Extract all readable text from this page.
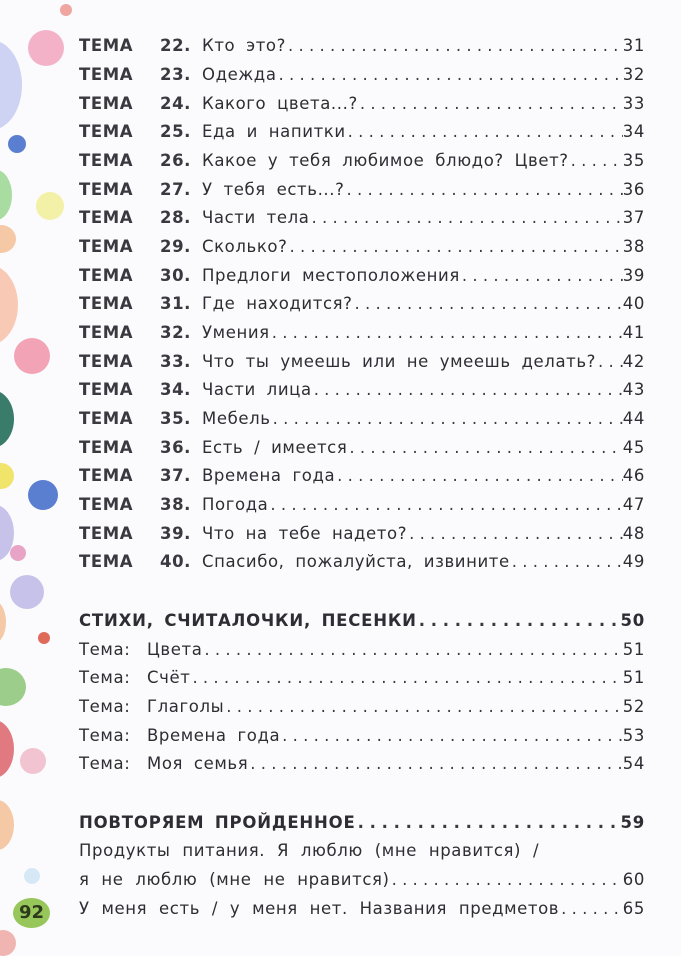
ТЕМА	22. Кто это? . . .	31
ТЕМА	23. Одежда . . .	32
ТЕМА	24. Какого цвета...? . . .	33
ТЕМА	25. Еда и напитки . . .	34
ТЕМА	26. Какое у тебя любимое блюдо? Цвет? . . .	35
ТЕМА	27. У тебя есть...? . . .	36
ТЕМА	28. Части тела . . .	37
ТЕМА	29. Сколько? . . .	38
ТЕМА	30. Предлоги местоположения . . .	39
ТЕМА	31. Где находится? . . .	40
ТЕМА	32. Умения . . .	41
ТЕМА	33. Что ты умеешь или не умеешь делать? . . . 42
ТЕМА	34. Части лица . . .	43
ТЕМА	35. Мебель . . .	44
ТЕМА	36. Есть / имеется . . .	45
ТЕМА	37. Времена года . . .	46
ТЕМА	38. Погода . . .	47
ТЕМА	39. Что на тебе надето? . . .	48
ТЕМА	40. Спасибо, пожалуйста, извините . . .	49
СТИХИ, СЧИТАЛОЧКИ, ПЕСЕНКИ . . .	50
Тема:	Цвета . . .	51
Тема:	Счёт . . .	51
Тема:	Глаголы . . .	52
Тема:	Времена года . . .	53
Тема:	Моя семья . . .	54
ПОВТОРЯЕМ ПРОЙДЕННОЕ . . .	59
Продукты питания. Я люблю (мне нравится) /
я не люблю (мне не нравится) . . .	60
У меня есть / у меня нет. Названия предметов . . .	65
92
